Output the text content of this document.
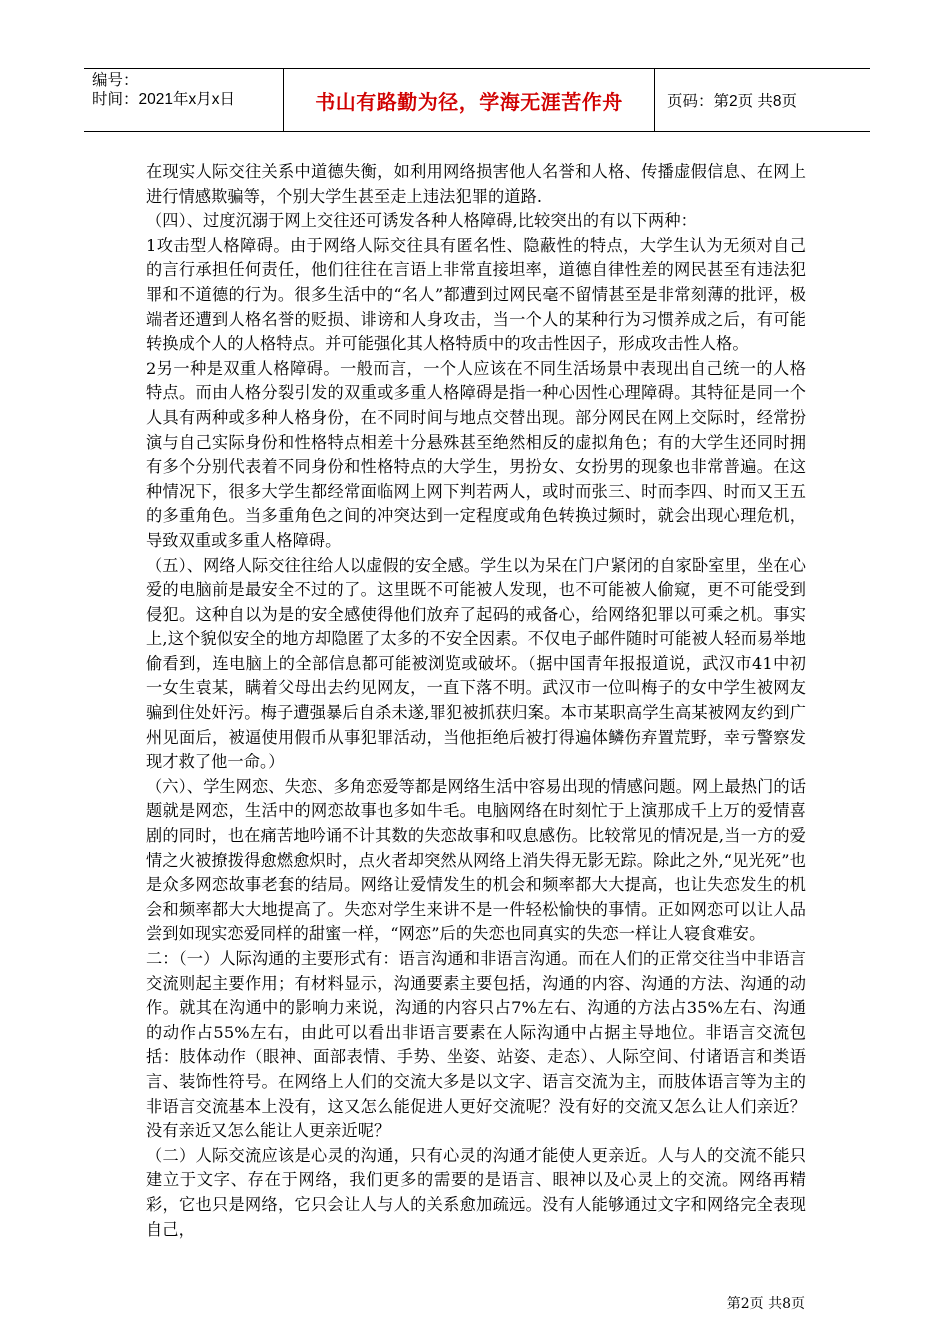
编号：
时间：2021年x月x日	书山有路勤为径，学海无涯苦作舟	页码：第2页 共8页

在现实人际交往关系中道德失衡，如利用网络损害他人名誉和人格、传播虚假信息、在网上进行情感欺骗等，个别大学生甚至走上违法犯罪的道路.

（四）、过度沉溺于网上交往还可诱发各种人格障碍,比较突出的有以下两种：

1攻击型人格障碍。由于网络人际交往具有匿名性、隐蔽性的特点，大学生认为无须对自己的言行承担任何责任，他们往往在言语上非常直接坦率，道德自律性差的网民甚至有违法犯罪和不道德的行为。很多生活中的“名人”都遭到过网民毫不留情甚至是非常刻薄的批评，极端者还遭到人格名誉的贬损、诽谤和人身攻击，当一个人的某种行为习惯养成之后，有可能转换成个人的人格特点。并可能强化其人格特质中的攻击性因子，形成攻击性人格。

2另一种是双重人格障碍。一般而言，一个人应该在不同生活场景中表现出自己统一的人格特点。而由人格分裂引发的双重或多重人格障碍是指一种心因性心理障碍。其特征是同一个人具有两种或多种人格身份，在不同时间与地点交替出现。部分网民在网上交际时，经常扮演与自己实际身份和性格特点相差十分悬殊甚至绝然相反的虚拟角色；有的大学生还同时拥有多个分别代表着不同身份和性格特点的大学生，男扮女、女扮男的现象也非常普遍。在这种情况下，很多大学生都经常面临网上网下判若两人，或时而张三、时而李四、时而又王五的多重角色。当多重角色之间的冲突达到一定程度或角色转换过频时，就会出现心理危机，导致双重或多重人格障碍。

（五）、网络人际交往往给人以虚假的安全感。学生以为呆在门户紧闭的自家卧室里，坐在心爱的电脑前是最安全不过的了。这里既不可能被人发现，也不可能被人偷窥，更不可能受到侵犯。这种自以为是的安全感使得他们放弃了起码的戒备心，给网络犯罪以可乘之机。事实上,这个貌似安全的地方却隐匿了太多的不安全因素。不仅电子邮件随时可能被人轻而易举地偷看到，连电脑上的全部信息都可能被浏览或破坏。（据中国青年报报道说，武汉市41中初一女生袁某，瞒着父母出去约见网友，一直下落不明。武汉市一位叫梅子的女中学生被网友骗到住处奸污。梅子遭强暴后自杀未遂,罪犯被抓获归案。本市某职高学生高某被网友约到广州见面后，被逼使用假币从事犯罪活动，当他拒绝后被打得遍体鳞伤弃置荒野，幸亏警察发现才救了他一命。）

（六）、学生网恋、失恋、多角恋爱等都是网络生活中容易出现的情感问题。网上最热门的话题就是网恋，生活中的网恋故事也多如牛毛。电脑网络在时刻忙于上演那成千上万的爱情喜剧的同时，也在痛苦地吟诵不计其数的失恋故事和叹息感伤。比较常见的情况是,当一方的爱情之火被撩拨得愈燃愈炽时，点火者却突然从网络上消失得无影无踪。除此之外,“见光死”也是众多网恋故事老套的结局。网络让爱情发生的机会和频率都大大提高，也让失恋发生的机会和频率都大大地提高了。失恋对学生来讲不是一件轻松愉快的事情。正如网恋可以让人品尝到如现实恋爱同样的甜蜜一样，“网恋”后的失恋也同真实的失恋一样让人寝食难安。

二：（一）人际沟通的主要形式有：语言沟通和非语言沟通。而在人们的正常交往当中非语言交流则起主要作用；有材料显示，沟通要素主要包括，沟通的内容、沟通的方法、沟通的动作。就其在沟通中的影响力来说，沟通的内容只占7%左右、沟通的方法占35%左右、沟通的动作占55%左右，由此可以看出非语言要素在人际沟通中占据主导地位。非语言交流包括：肢体动作（眼神、面部表情、手势、坐姿、站姿、走态）、人际空间、付诸语言和类语言、装饰性符号。在网络上人们的交流大多是以文字、语言交流为主，而肢体语言等为主的非语言交流基本上没有，这又怎么能促进人更好交流呢？没有好的交流又怎么让人们亲近？没有亲近又怎么能让人更亲近呢？

（二）人际交流应该是心灵的沟通，只有心灵的沟通才能使人更亲近。人与人的交流不能只建立于文字、存在于网络，我们更多的需要的是语言、眼神以及心灵上的交流。网络再精彩，它也只是网络，它只会让人与人的关系愈加疏远。没有人能够通过文字和网络完全表现自己，

第2页 共8页
